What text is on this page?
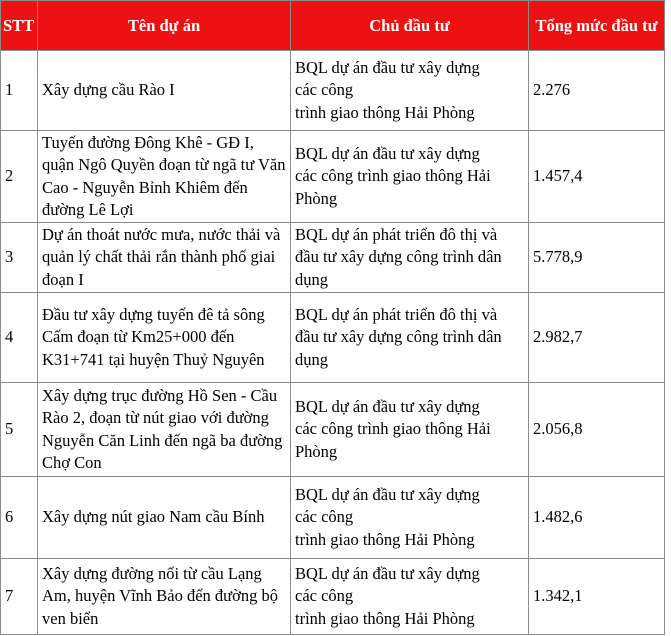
STT	Tên dự án	Chủ đầu tư	Tổng mức đầu tư
1	Xây dựng cầu Rào I	BQL dự án đầu tư xây dựng
các công
trình giao thông Hải Phòng	2.276
2	Tuyến đường Đông Khê - GĐ I, quận Ngô Quyền đoạn từ ngã tư Văn Cao - Nguyễn Bỉnh Khiêm đến đường Lê Lợi	BQL dự án đầu tư xây dựng
các công trình giao thông Hải
Phòng	1.457,4
3	Dự án thoát nước mưa, nước thải và quản lý chất thải rắn thành phố giai đoạn I	BQL dự án phát triển đô thị và
đầu tư xây dựng công trình dân
dụng	5.778,9
4	Đầu tư xây dựng tuyến đê tả sông Cấm đoạn từ Km25+000 đến K31+741 tại huyện Thuỷ Nguyên	BQL dự án phát triển đô thị và
đầu tư xây dựng công trình dân
dụng	2.982,7
5	Xây dựng trục đường Hồ Sen - Cầu Rào 2, đoạn từ nút giao với đường Nguyễn Căn Linh đến ngã ba đường Chợ Con	BQL dự án đầu tư xây dựng
các công trình giao thông Hải
Phòng	2.056,8
6	Xây dựng nút giao Nam cầu Bính	BQL dự án đầu tư xây dựng
các công
trình giao thông Hải Phòng	1.482,6
7	Xây dựng đường nối từ cầu Lạng Am, huyện Vĩnh Bảo đến đường bộ ven biển	BQL dự án đầu tư xây dựng
các công
trình giao thông Hải Phòng	1.342,1
